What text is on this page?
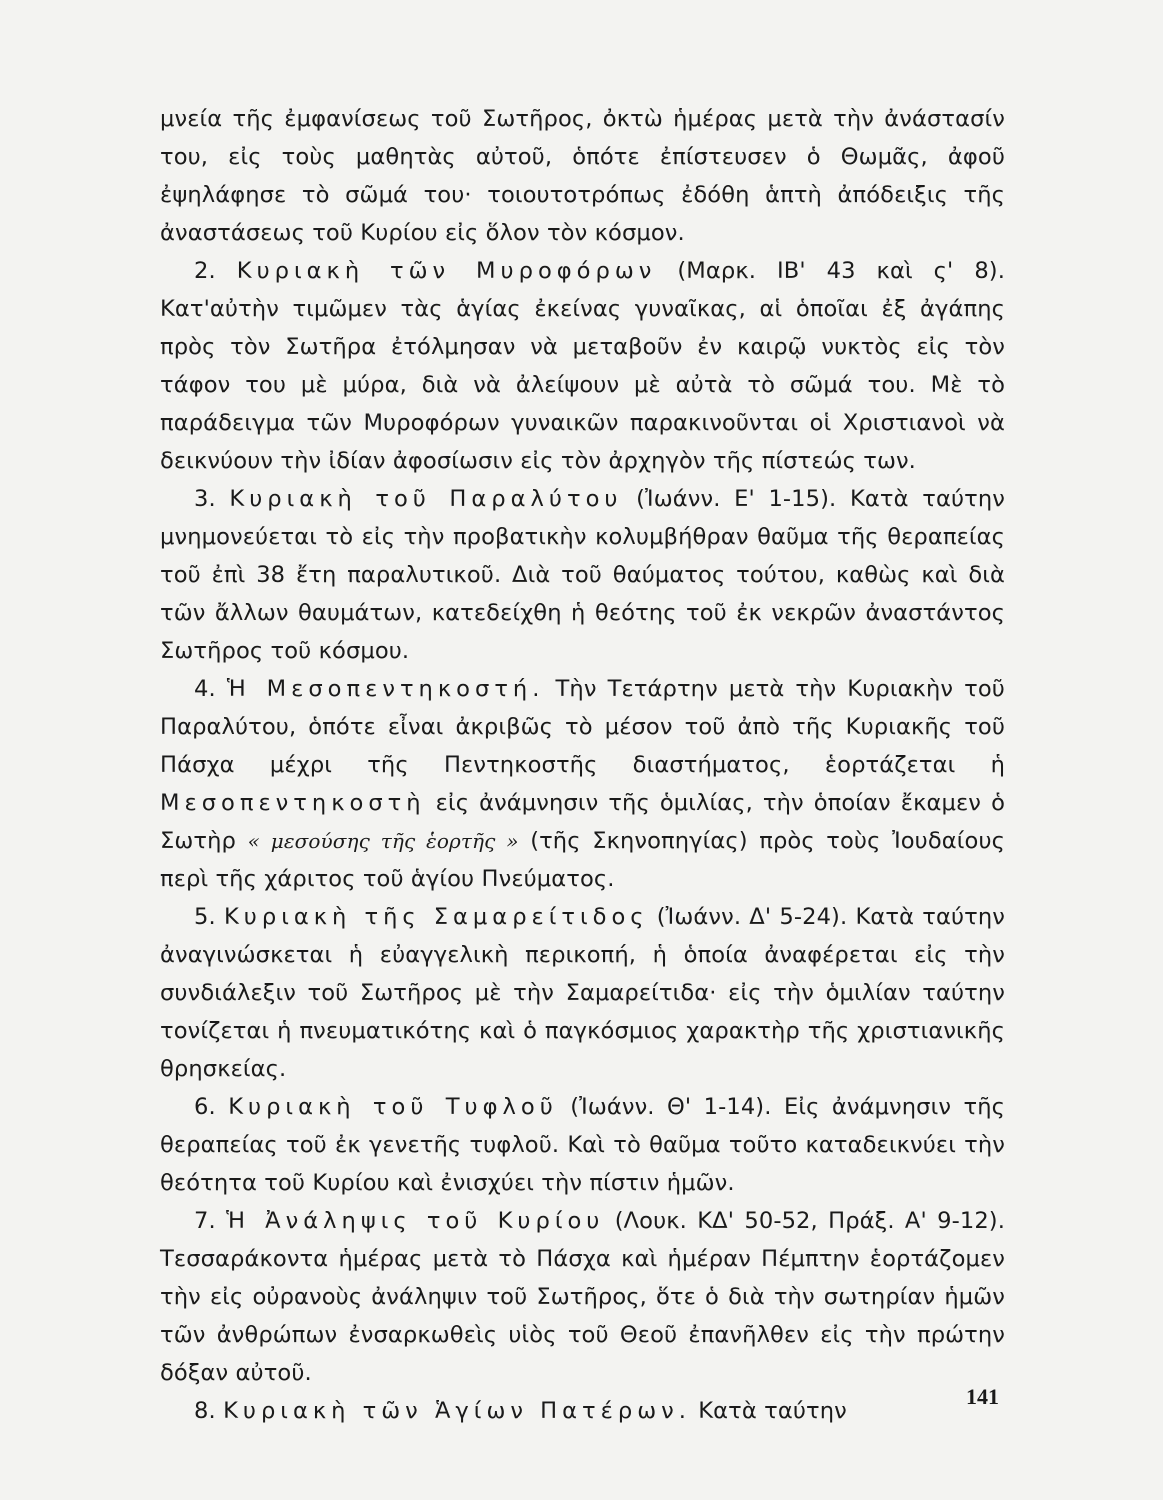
μνεία τῆς ἐμφανίσεως τοῦ Σωτῆρος, ὀκτὼ ἡμέρας μετὰ τὴν ἀνάστασίν του, εἰς τοὺς μαθητὰς αὐτοῦ, ὁπότε ἐπίστευσεν ὁ Θωμᾶς, ἀφοῦ ἐψηλάφησε τὸ σῶμά του· τοιουτοτρόπως ἐδόθη ἁπτὴ ἀπόδειξις τῆς ἀναστάσεως τοῦ Κυρίου εἰς ὅλον τὸν κόσμον.

2. Κυριακὴ τῶν Μυροφόρων (Μαρκ. ΙΒ' 43 καὶ ς' 8). Κατ'αὐτὴν τιμῶμεν τὰς ἁγίας ἐκείνας γυναῖκας, αἱ ὁποῖαι ἐξ ἀγάπης πρὸς τὸν Σωτῆρα ἐτόλμησαν νὰ μεταβοῦν ἐν καιρῷ νυκτὸς εἰς τὸν τάφον του μὲ μύρα, διὰ νὰ ἀλείψουν μὲ αὐτὰ τὸ σῶμά του. Μὲ τὸ παράδειγμα τῶν Μυροφόρων γυναικῶν παρακινοῦνται οἱ Χριστιανοὶ νὰ δεικνύουν τὴν ἰδίαν ἀφοσίωσιν εἰς τὸν ἀρχηγὸν τῆς πίστεώς των.

3. Κυριακὴ τοῦ Παραλύτου (Ἰωάνν. Ε' 1-15). Κατὰ ταύτην μνημονεύεται τὸ εἰς τὴν προβατικὴν κολυμβήθραν θαῦμα τῆς θεραπείας τοῦ ἐπὶ 38 ἔτη παραλυτικοῦ. Διὰ τοῦ θαύματος τούτου, καθὼς καὶ διὰ τῶν ἄλλων θαυμάτων, κατεδείχθη ἡ θεότης τοῦ ἐκ νεκρῶν ἀναστάντος Σωτῆρος τοῦ κόσμου.

4. Ἡ Μεσοπεντηκοστή. Τὴν Τετάρτην μετὰ τὴν Κυριακὴν τοῦ Παραλύτου, ὁπότε εἶναι ἀκριβῶς τὸ μέσον τοῦ ἀπὸ τῆς Κυριακῆς τοῦ Πάσχα μέχρι τῆς Πεντηκοστῆς διαστήματος, ἑορτάζεται ἡ Μεσοπεντηκοστὴ εἰς ἀνάμνησιν τῆς ὁμιλίας, τὴν ὁποίαν ἔκαμεν ὁ Σωτὴρ « μεσούσης τῆς ἑορτῆς » (τῆς Σκηνοπηγίας) πρὸς τοὺς Ἰουδαίους περὶ τῆς χάριτος τοῦ ἁγίου Πνεύματος.

5. Κυριακὴ τῆς Σαμαρείτιδος (Ἰωάνν. Δ' 5-24). Κατὰ ταύτην ἀναγινώσκεται ἡ εὐαγγελικὴ περικοπή, ἡ ὁποία ἀναφέρεται εἰς τὴν συνδιάλεξιν τοῦ Σωτῆρος μὲ τὴν Σαμαρείτιδα· εἰς τὴν ὁμιλίαν ταύτην τονίζεται ἡ πνευματικότης καὶ ὁ παγκόσμιος χαρακτὴρ τῆς χριστιανικῆς θρησκείας.

6. Κυριακὴ τοῦ Τυφλοῦ (Ἰωάνν. Θ' 1-14). Εἰς ἀνάμνησιν τῆς θεραπείας τοῦ ἐκ γενετῆς τυφλοῦ. Καὶ τὸ θαῦμα τοῦτο καταδεικνύει τὴν θεότητα τοῦ Κυρίου καὶ ἐνισχύει τὴν πίστιν ἡμῶν.

7. Ἡ Ἀνάληψις τοῦ Κυρίου (Λουκ. ΚΔ' 50-52, Πράξ. Α' 9-12). Τεσσαράκοντα ἡμέρας μετὰ τὸ Πάσχα καὶ ἡμέραν Πέμπτην ἑορτάζομεν τὴν εἰς οὐρανοὺς ἀνάληψιν τοῦ Σωτῆρος, ὅτε ὁ διὰ τὴν σωτηρίαν ἡμῶν τῶν ἀνθρώπων ἐνσαρκωθεὶς υἱὸς τοῦ Θεοῦ ἐπανῆλθεν εἰς τὴν πρώτην δόξαν αὐτοῦ.

8. Κυριακὴ τῶν Ἁγίων Πατέρων. Κατὰ ταύτην

141
